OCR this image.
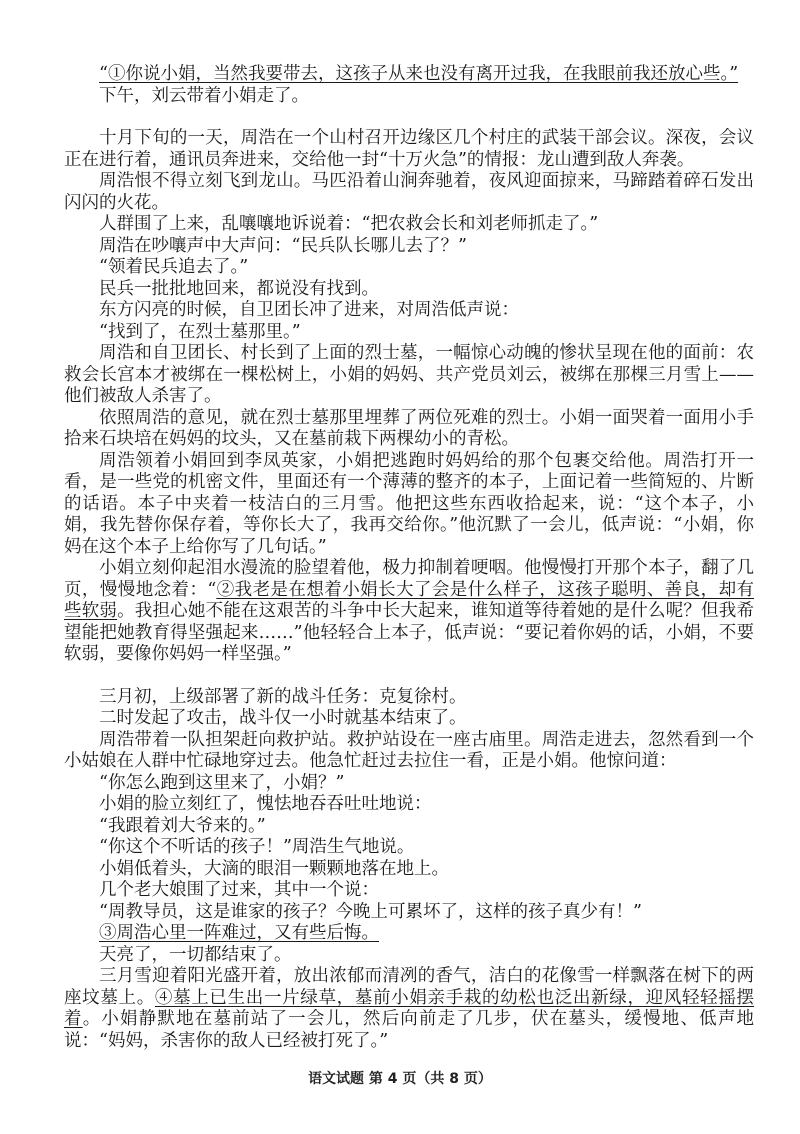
“①你说小娟，当然我要带去，这孩子从来也没有离开过我，在我眼前我还放心些。”

下午，刘云带着小娟走了。

十月下旬的一天，周浩在一个山村召开边缘区几个村庄的武装干部会议。深夜，会议正在进行着，通讯员奔进来，交给他一封“十万火急”的情报：龙山遭到敌人奔袭。

周浩恨不得立刻飞到龙山。马匹沿着山涧奔驰着，夜风迎面掠来，马蹄踏着碎石发出闪闪的火花。

人群围了上来，乱嚷嚷地诉说着：“把农救会长和刘老师抓走了。”

周浩在吵嚷声中大声问：“民兵队长哪儿去了？”

“领着民兵追去了。”

民兵一批批地回来，都说没有找到。

东方闪亮的时候，自卫团长冲了进来，对周浩低声说：

“找到了，在烈士墓那里。”

周浩和自卫团长、村长到了上面的烈士墓，一幅惊心动魄的惨状呈现在他的面前：农救会长宫本才被绑在一棵松树上，小娟的妈妈、共产党员刘云，被绑在那棵三月雪上——他们被敌人杀害了。

依照周浩的意见，就在烈士墓那里埋葬了两位死难的烈士。小娟一面哭着一面用小手拾来石块培在妈妈的坟头，又在墓前栽下两棵幼小的青松。

周浩领着小娟回到李凤英家，小娟把逃跑时妈妈给的那个包裹交给他。周浩打开一看，是一些党的机密文件，里面还有一个薄薄的整齐的本子，上面记着一些简短的、片断的话语。本子中夹着一枝洁白的三月雪。他把这些东西收拾起来，说：“这个本子，小娟，我先替你保存着，等你长大了，我再交给你。”他沉默了一会儿，低声说：“小娟，你妈在这个本子上给你写了几句话。”

小娟立刻仰起泪水漫流的脸望着他，极力抑制着哽咽。他慢慢打开那个本子，翻了几页，慢慢地念着：“②我老是在想着小娟长大了会是什么样子，这孩子聪明、善良，却有些软弱。我担心她不能在这艰苦的斗争中长大起来，谁知道等待着她的是什么呢？但我希望能把她教育得坚强起来……”他轻轻合上本子，低声说：“要记着你妈的话，小娟，不要软弱，要像你妈妈一样坚强。”

三月初，上级部署了新的战斗任务：克复徐村。

二时发起了攻击，战斗仅一小时就基本结束了。

周浩带着一队担架赶向救护站。救护站设在一座古庙里。周浩走进去，忽然看到一个小姑娘在人群中忙碌地穿过去。他急忙赶过去拉住一看，正是小娟。他惊问道：

“你怎么跑到这里来了，小娟？”

小娟的脸立刻红了，愧怯地吞吞吐吐地说：

“我跟着刘大爷来的。”

“你这个不听话的孩子！”周浩生气地说。

小娟低着头，大滴的眼泪一颗颗地落在地上。

几个老大娘围了过来，其中一个说：

“周教导员，这是谁家的孩子？今晚上可累坏了，这样的孩子真少有！”

③周浩心里一阵难过，又有些后悔。

天亮了，一切都结束了。

三月雪迎着阳光盛开着，放出浓郁而清冽的香气，洁白的花像雪一样飘落在树下的两座坟墓上。④墓上已生出一片绿草，墓前小娟亲手栽的幼松也泛出新绿，迎风轻轻摇摆着。小娟静默地在墓前站了一会儿，然后向前走了几步，伏在墓头，缓慢地、低声地说：“妈妈，杀害你的敌人已经被打死了。”

语文试题 第 4 页（共 8 页）
